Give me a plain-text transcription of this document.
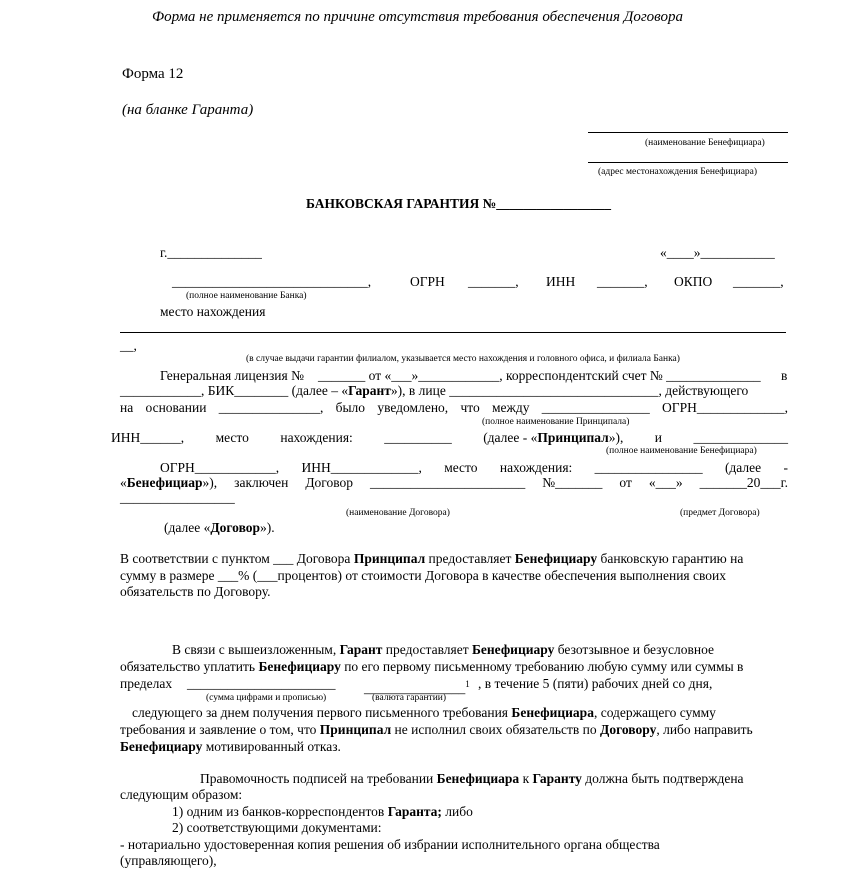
Форма не применяется по причине отсутствия требования обеспечения Договора
Форма 12
(на бланке Гаранта)
(наименование Бенефициара)
(адрес местонахождения Бенефициара)
БАНКОВСКАЯ ГАРАНТИЯ №_________________
г.______________	«____»___________
_____________________________,	ОГРН _______, ИНН _______, ОКПО _______,
(полное наименование Банка)
место нахождения
__,
(в случае выдачи гарантии филиалом, указывается место нахождения и головного офиса, и филиала Банка)
Генеральная лицензия № _______ от «___»____________, корреспондентский счет № ______________ в
____________, БИК________ (далее – «Гарант»), в лице _______________________________, действующего
на основании _______________, было уведомлено, что между ________________ ОГРН_____________,
(полное наименование Принципала)
ИНН______, место нахождения: __________ (далее - «Принципал»), и ______________
(полное наименование Бенефициара)
ОГРН____________, ИНН_____________, место нахождения: ________________ (далее -
«Бенефициар»), заключен Договор _______________________ №_______ от «___» _______20___г.
_________________
(наименование Договора)	(предмет Договора)
(далее «Договор»).
В соответствии с пунктом ___ Договора Принципал предоставляет Бенефициару банковскую гарантию на
сумму в размере ___% (___процентов) от стоимости Договора в качестве обеспечения выполнения своих
обязательств по Договору.
В связи с вышеизложенным, Гарант предоставляет Бенефициару безотзывное и безусловное
обязательство уплатить Бенефициару по его первому письменному требованию любую сумму или суммы в
пределах ______________________ _______________$^1$ , в течение 5 (пяти) рабочих дней со дня,
(сумма цифрами и прописью)	(валюта гарантии)
следующего за днем получения первого письменного требования Бенефициара, содержащего сумму
требования и заявление о том, что Принципал не исполнил своих обязательств по Договору, либо направить
Бенефициару мотивированный отказ.
Правомочность подписей на требовании Бенефициара к Гаранту должна быть подтверждена
следующим образом:
1) одним из банков-корреспондентов Гаранта; либо
2) соответствующими документами:
- нотариально удостоверенная копия решения об избрании исполнительного органа общества
(управляющего),
